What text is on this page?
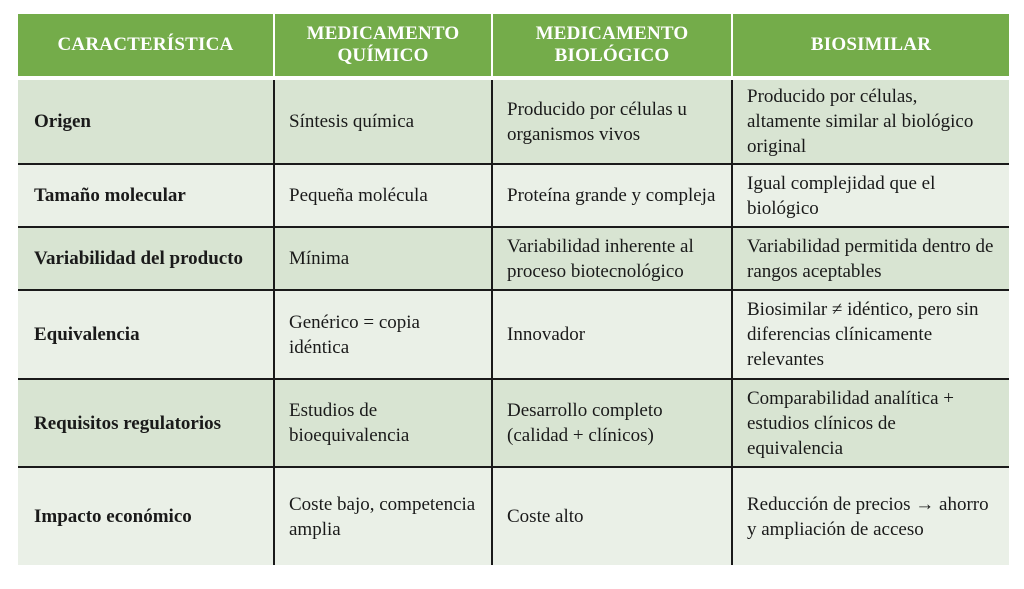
CARACTERÍSTICA	MEDICAMENTO QUÍMICO	MEDICAMENTO BIOLÓGICO	BIOSIMILAR
Origen	Síntesis química	Producido por células u organismos vivos	Producido por células, altamente similar al biológico original
Tamaño molecular	Pequeña molécula	Proteína grande y compleja	Igual complejidad que el biológico
Variabilidad del producto	Mínima	Variabilidad inherente al proceso biotecnológico	Variabilidad permitida dentro de rangos aceptables
Equivalencia	Genérico = copia idéntica	Innovador	Biosimilar ≠ idéntico, pero sin diferencias clínicamente relevantes
Requisitos regulatorios	Estudios de bioequivalencia	Desarrollo completo (calidad + clínicos)	Comparabilidad analítica + estudios clínicos de equivalencia
Impacto económico	Coste bajo, competencia amplia	Coste alto	Reducción de precios → ahorro y ampliación de acceso
